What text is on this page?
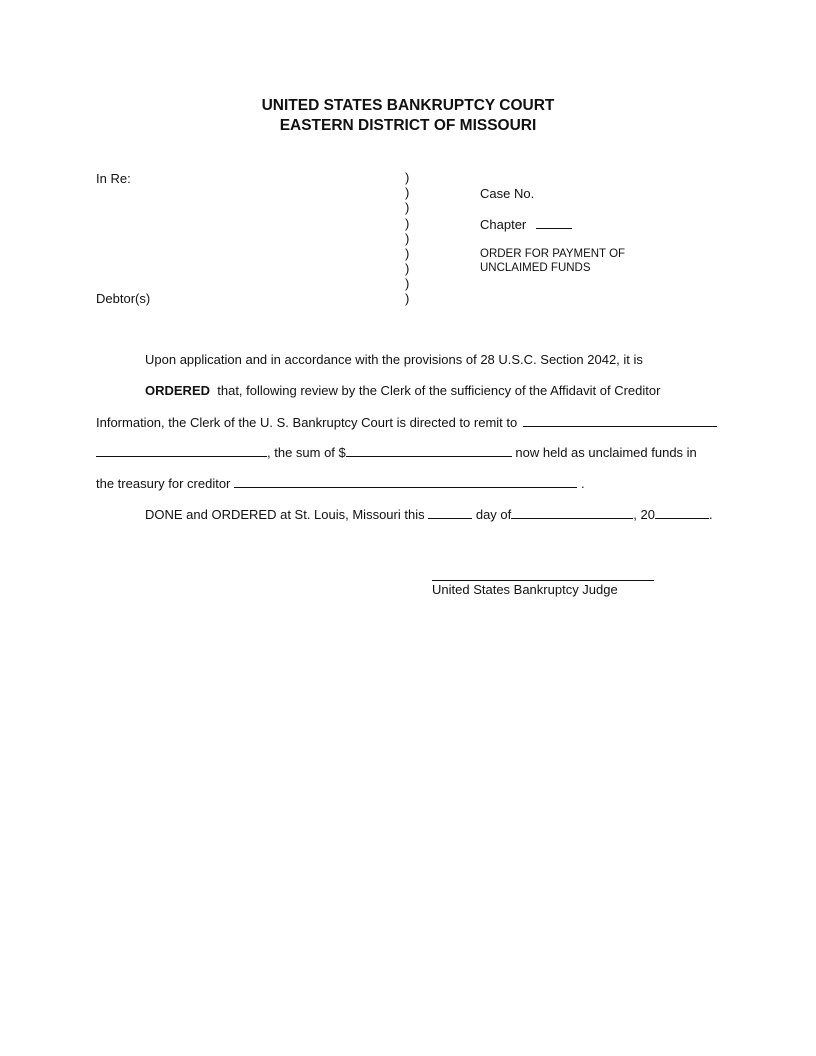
UNITED STATES BANKRUPTCY COURT
EASTERN DISTRICT OF MISSOURI
In Re:
Debtor(s)
)
)
)
)
)
)
)
)
)
Case No.
Chapter
ORDER FOR PAYMENT OF
UNCLAIMED FUNDS
Upon application and in accordance with the provisions of 28 U.S.C. Section 2042, it is
ORDERED that, following review by the Clerk of the sufficiency of the Affidavit of Creditor
Information, the Clerk of the U. S. Bankruptcy Court is directed to remit to
, the sum of $	now held as unclaimed funds in
the treasury for creditor	.
DONE and ORDERED at St. Louis, Missouri this	day of	, 20	.
United States Bankruptcy Judge
